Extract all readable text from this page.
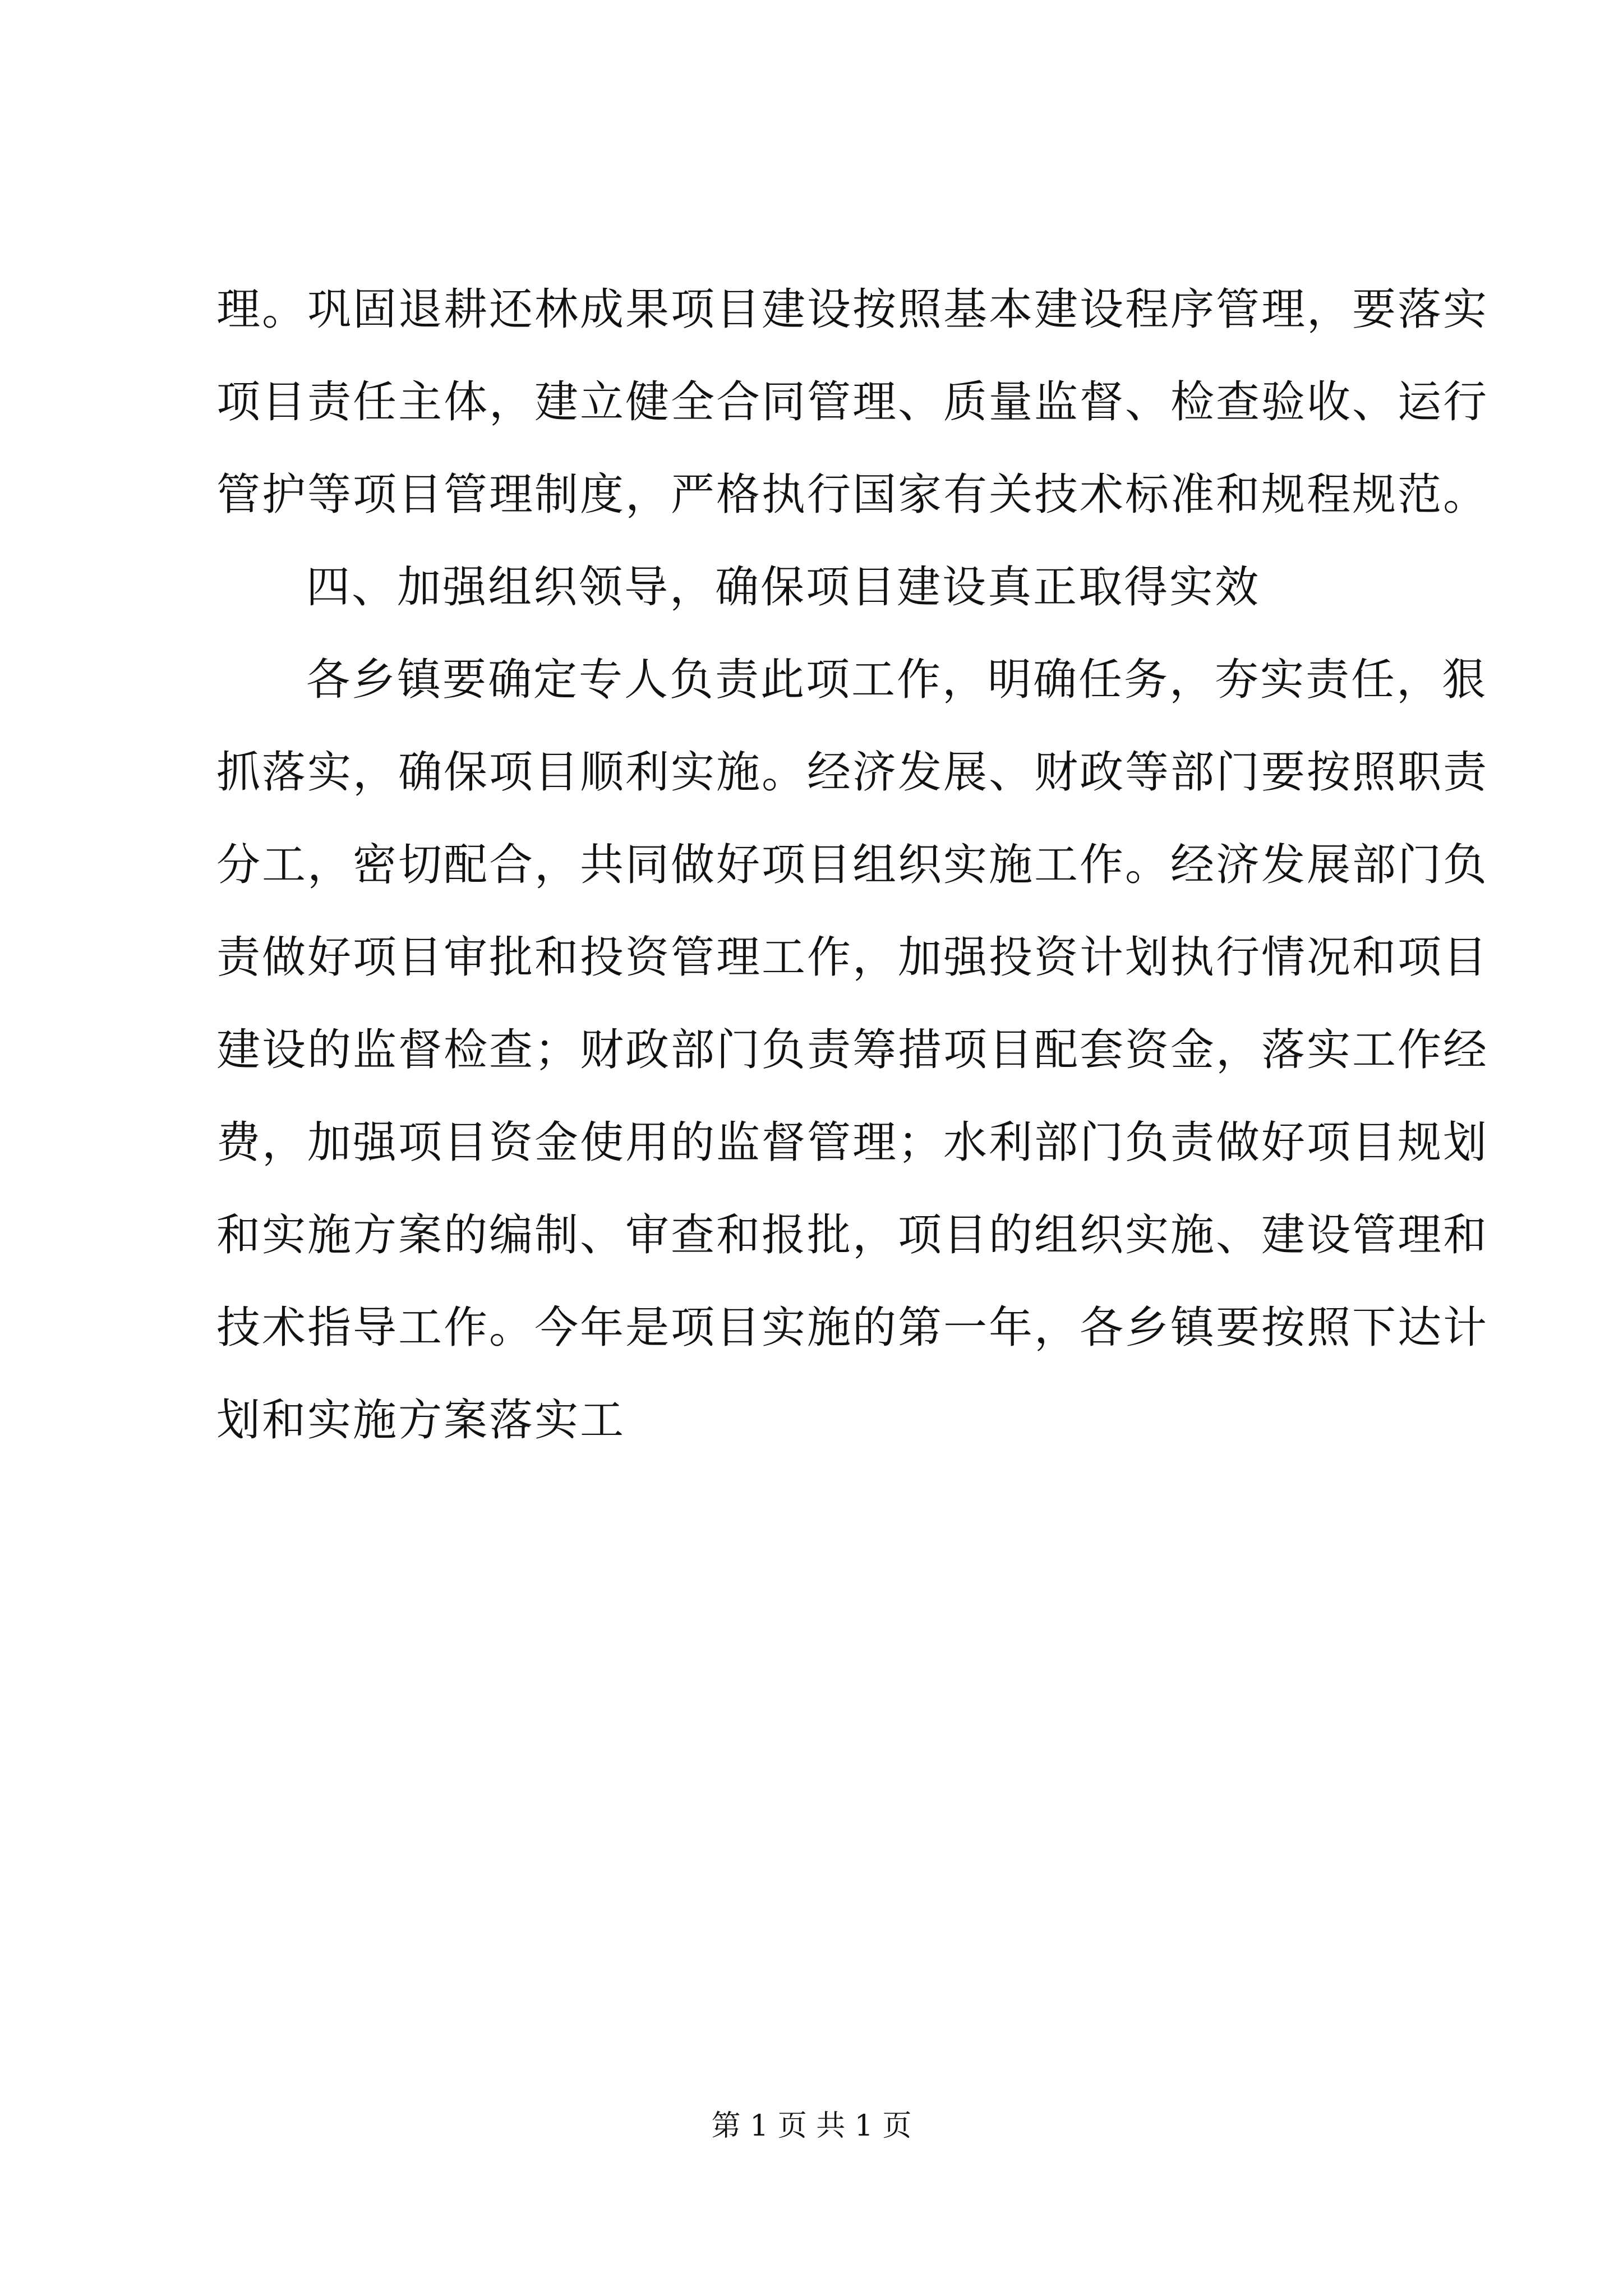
理。巩固退耕还林成果项目建设按照基本建设程序管理，要落实
项目责任主体，建立健全合同管理、质量监督、检查验收、运行
管护等项目管理制度，严格执行国家有关技术标准和规程规范。
四、加强组织领导，确保项目建设真正取得实效
各乡镇要确定专人负责此项工作，明确任务，夯实责任，狠
抓落实，确保项目顺利实施。经济发展、财政等部门要按照职责
分工，密切配合，共同做好项目组织实施工作。经济发展部门负
责做好项目审批和投资管理工作，加强投资计划执行情况和项目
建设的监督检查；财政部门负责筹措项目配套资金，落实工作经
费，加强项目资金使用的监督管理；水利部门负责做好项目规划
和实施方案的编制、审查和报批，项目的组织实施、建设管理和
技术指导工作。今年是项目实施的第一年，各乡镇要按照下达计
划和实施方案落实工
第 1 页 共 1 页
